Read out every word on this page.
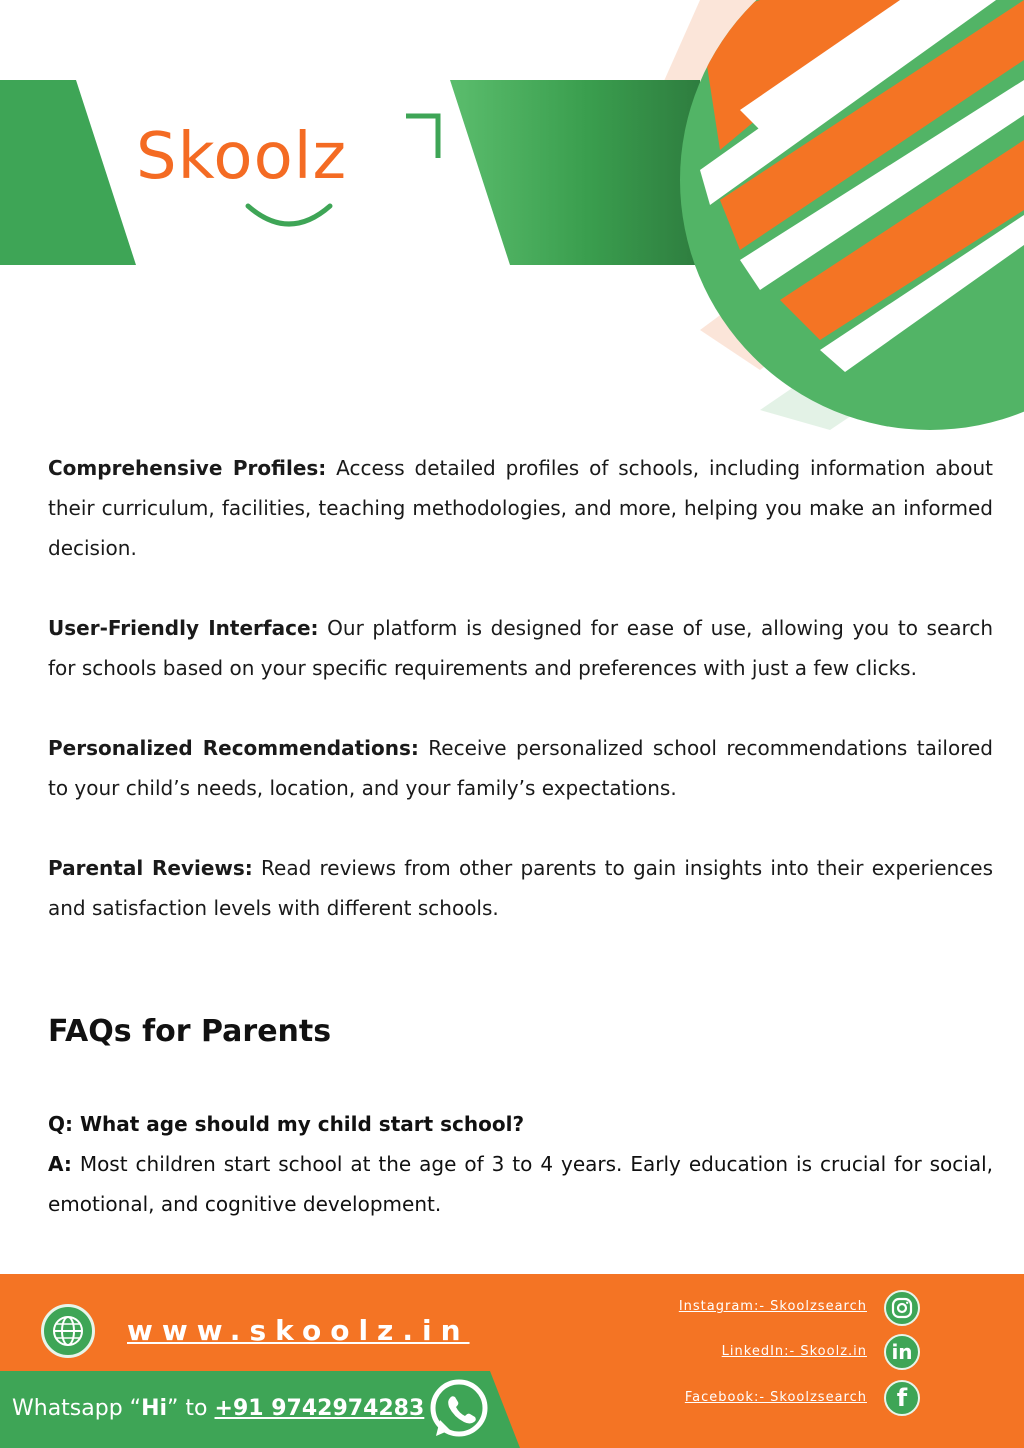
Skoolz

Comprehensive Profiles: Access detailed profiles of schools, including information about their curriculum, facilities, teaching methodologies, and more, helping you make an informed decision.

User-Friendly Interface: Our platform is designed for ease of use, allowing you to search for schools based on your specific requirements and preferences with just a few clicks.

Personalized Recommendations: Receive personalized school recommendations tailored to your child’s needs, location, and your family’s expectations.

Parental Reviews: Read reviews from other parents to gain insights into their experiences and satisfaction levels with different schools.

FAQs for Parents
Q: What age should my child start school?
A: Most children start school at the age of 3 to 4 years. Early education is crucial for social, emotional, and cognitive development.
www.skoolz.in
Whatsapp “Hi” to +91 9742974283
Instagram:- Skoolzsearch
LinkedIn:- Skoolz.in	in
Facebook:- Skoolzsearch	f
